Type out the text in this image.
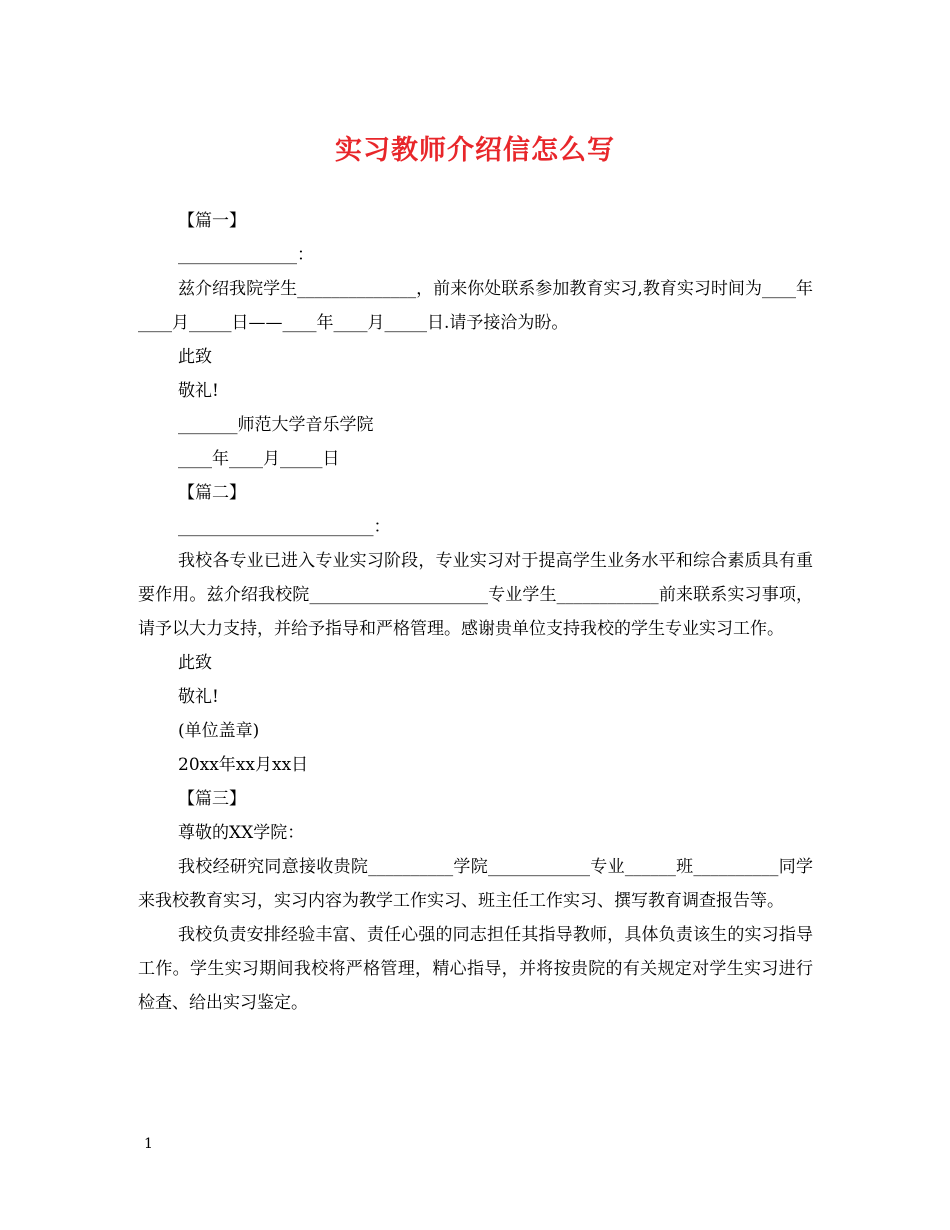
实习教师介绍信怎么写
【篇一】
______________：
兹介绍我院学生______________，前来你处联系参加教育实习,教育实习时间为____年____月_____日——____年____月_____日.请予接洽为盼。
此致
敬礼!
_______师范大学音乐学院
____年____月_____日
【篇二】
_______________________：
我校各专业已进入专业实习阶段，专业实习对于提高学生业务水平和综合素质具有重要作用。兹介绍我校院_____________________专业学生____________前来联系实习事项，请予以大力支持，并给予指导和严格管理。感谢贵单位支持我校的学生专业实习工作。
此致
敬礼!
(单位盖章)
20xx年xx月xx日
【篇三】
尊敬的XX学院：
我校经研究同意接收贵院__________学院____________专业______班__________同学来我校教育实习，实习内容为教学工作实习、班主任工作实习、撰写教育调查报告等。
我校负责安排经验丰富、责任心强的同志担任其指导教师，具体负责该生的实习指导工作。学生实习期间我校将严格管理，精心指导，并将按贵院的有关规定对学生实习进行检查、给出实习鉴定。
1
